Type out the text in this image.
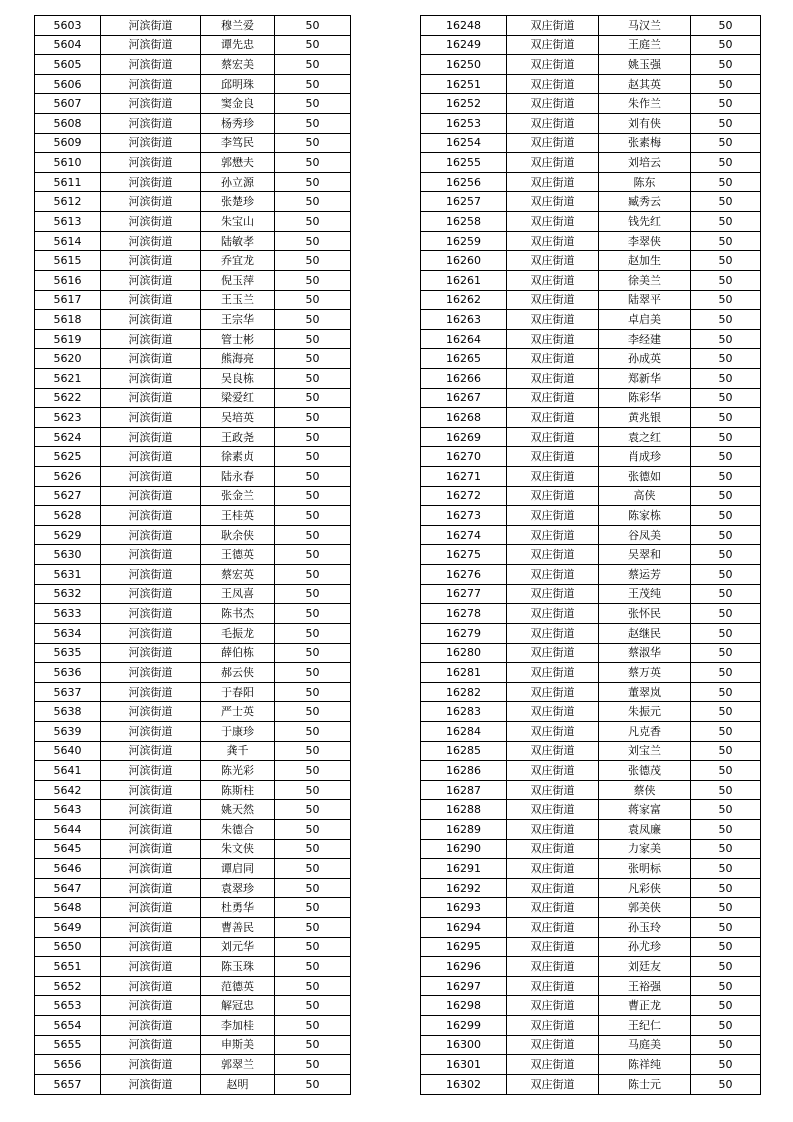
5603	河滨街道	穆兰爱	50
5604	河滨街道	谭先忠	50
5605	河滨街道	蔡宏美	50
5606	河滨街道	邱明珠	50
5607	河滨街道	窦金良	50
5608	河滨街道	杨秀珍	50
5609	河滨街道	李笃民	50
5610	河滨街道	郭懋夫	50
5611	河滨街道	孙立源	50
5612	河滨街道	张楚珍	50
5613	河滨街道	朱宝山	50
5614	河滨街道	陆敏孝	50
5615	河滨街道	乔宜龙	50
5616	河滨街道	倪玉萍	50
5617	河滨街道	王玉兰	50
5618	河滨街道	王宗华	50
5619	河滨街道	管士彬	50
5620	河滨街道	熊海亮	50
5621	河滨街道	吴良栋	50
5622	河滨街道	梁爱红	50
5623	河滨街道	吴培英	50
5624	河滨街道	王政尧	50
5625	河滨街道	徐素贞	50
5626	河滨街道	陆永春	50
5627	河滨街道	张金兰	50
5628	河滨街道	王桂英	50
5629	河滨街道	耿余侠	50
5630	河滨街道	王德英	50
5631	河滨街道	蔡宏英	50
5632	河滨街道	王凤喜	50
5633	河滨街道	陈书杰	50
5634	河滨街道	毛振龙	50
5635	河滨街道	薛伯栋	50
5636	河滨街道	郝云侠	50
5637	河滨街道	于春阳	50
5638	河滨街道	严士英	50
5639	河滨街道	于康珍	50
5640	河滨街道	龚千	50
5641	河滨街道	陈光彩	50
5642	河滨街道	陈斯柱	50
5643	河滨街道	姚天然	50
5644	河滨街道	朱德合	50
5645	河滨街道	朱文侠	50
5646	河滨街道	谭启同	50
5647	河滨街道	袁翠珍	50
5648	河滨街道	杜勇华	50
5649	河滨街道	曹善民	50
5650	河滨街道	刘元华	50
5651	河滨街道	陈玉珠	50
5652	河滨街道	范德英	50
5653	河滨街道	解冠忠	50
5654	河滨街道	李加桂	50
5655	河滨街道	申斯美	50
5656	河滨街道	郭翠兰	50
5657	河滨街道	赵明	50
16248	双庄街道	马汉兰	50
16249	双庄街道	王庭兰	50
16250	双庄街道	姚玉强	50
16251	双庄街道	赵其英	50
16252	双庄街道	朱作兰	50
16253	双庄街道	刘有侠	50
16254	双庄街道	张素梅	50
16255	双庄街道	刘培云	50
16256	双庄街道	陈东	50
16257	双庄街道	臧秀云	50
16258	双庄街道	钱先红	50
16259	双庄街道	李翠侠	50
16260	双庄街道	赵加生	50
16261	双庄街道	徐美兰	50
16262	双庄街道	陆翠平	50
16263	双庄街道	卓启美	50
16264	双庄街道	李经建	50
16265	双庄街道	孙成英	50
16266	双庄街道	郑新华	50
16267	双庄街道	陈彩华	50
16268	双庄街道	黄兆银	50
16269	双庄街道	袁之红	50
16270	双庄街道	肖成珍	50
16271	双庄街道	张德如	50
16272	双庄街道	高侠	50
16273	双庄街道	陈家栋	50
16274	双庄街道	谷凤美	50
16275	双庄街道	吴翠和	50
16276	双庄街道	蔡运芳	50
16277	双庄街道	王茂纯	50
16278	双庄街道	张怀民	50
16279	双庄街道	赵继民	50
16280	双庄街道	蔡淑华	50
16281	双庄街道	蔡万英	50
16282	双庄街道	董翠岚	50
16283	双庄街道	朱振元	50
16284	双庄街道	凡克香	50
16285	双庄街道	刘宝兰	50
16286	双庄街道	张德茂	50
16287	双庄街道	蔡侠	50
16288	双庄街道	蒋家富	50
16289	双庄街道	袁凤廉	50
16290	双庄街道	力家美	50
16291	双庄街道	张明标	50
16292	双庄街道	凡彩侠	50
16293	双庄街道	郭美侠	50
16294	双庄街道	孙玉玲	50
16295	双庄街道	孙尤珍	50
16296	双庄街道	刘廷友	50
16297	双庄街道	王裕强	50
16298	双庄街道	曹正龙	50
16299	双庄街道	王纪仁	50
16300	双庄街道	马庭美	50
16301	双庄街道	陈祥纯	50
16302	双庄街道	陈士元	50
